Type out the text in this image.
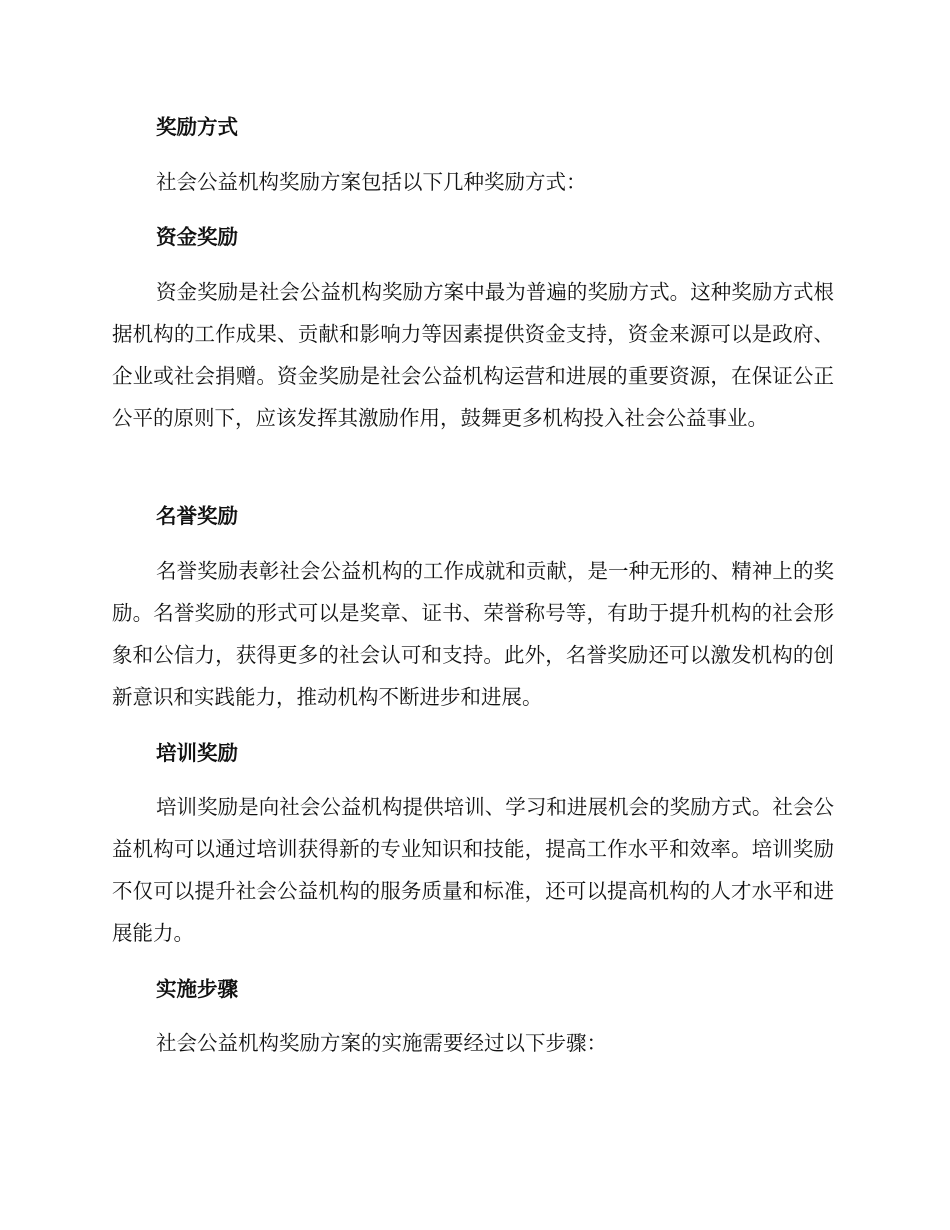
奖励方式

社会公益机构奖励方案包括以下几种奖励方式：

资金奖励

资金奖励是社会公益机构奖励方案中最为普遍的奖励方式。这种奖励方式根据机构的工作成果、贡献和影响力等因素提供资金支持，资金来源可以是政府、企业或社会捐赠。资金奖励是社会公益机构运营和进展的重要资源，在保证公正公平的原则下，应该发挥其激励作用，鼓舞更多机构投入社会公益事业。

名誉奖励

名誉奖励表彰社会公益机构的工作成就和贡献，是一种无形的、精神上的奖励。名誉奖励的形式可以是奖章、证书、荣誉称号等，有助于提升机构的社会形象和公信力，获得更多的社会认可和支持。此外，名誉奖励还可以激发机构的创新意识和实践能力，推动机构不断进步和进展。

培训奖励

培训奖励是向社会公益机构提供培训、学习和进展机会的奖励方式。社会公益机构可以通过培训获得新的专业知识和技能，提高工作水平和效率。培训奖励不仅可以提升社会公益机构的服务质量和标准，还可以提高机构的人才水平和进展能力。

实施步骤

社会公益机构奖励方案的实施需要经过以下步骤：
